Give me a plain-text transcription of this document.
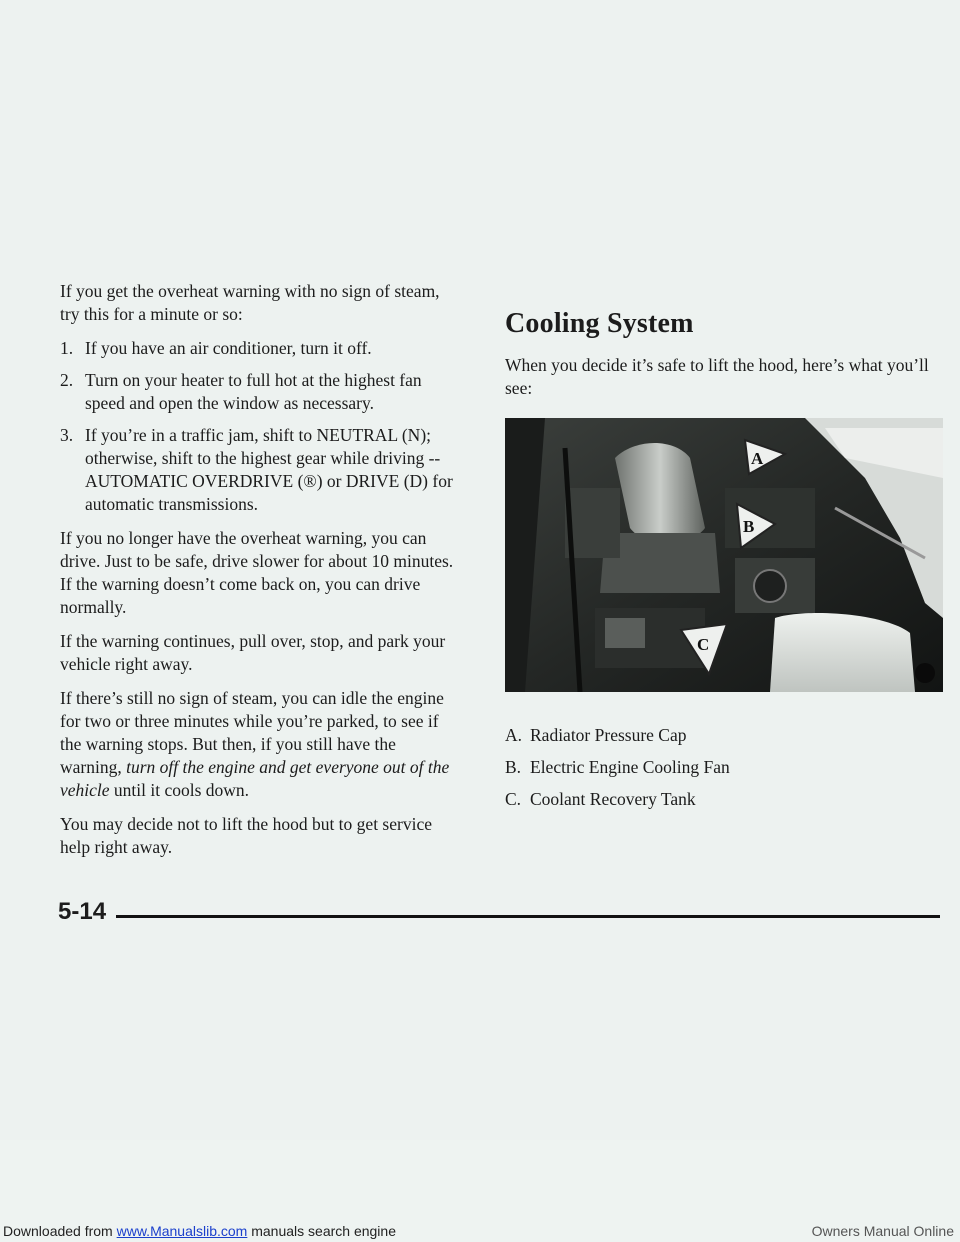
If you get the overheat warning with no sign of steam, try this for a minute or so:

1. If you have an air conditioner, turn it off.
2. Turn on your heater to full hot at the highest fan speed and open the window as necessary.
3. If you’re in a traffic jam, shift to NEUTRAL (N); otherwise, shift to the highest gear while driving -- AUTOMATIC OVERDRIVE (®) or DRIVE (D) for automatic transmissions.

If you no longer have the overheat warning, you can drive. Just to be safe, drive slower for about 10 minutes. If the warning doesn’t come back on, you can drive normally.

If the warning continues, pull over, stop, and park your vehicle right away.

If there’s still no sign of steam, you can idle the engine for two or three minutes while you’re parked, to see if the warning stops. But then, if you still have the warning, turn off the engine and get everyone out of the vehicle until it cools down.

You may decide not to lift the hood but to get service help right away.

Cooling System

When you decide it’s safe to lift the hood, here’s what you’ll see:

A
B
C
A. Radiator Pressure Cap
B. Electric Engine Cooling Fan
C. Coolant Recovery Tank
5-14
Downloaded from www.Manualslib.com manuals search engine	Owners Manual Online
